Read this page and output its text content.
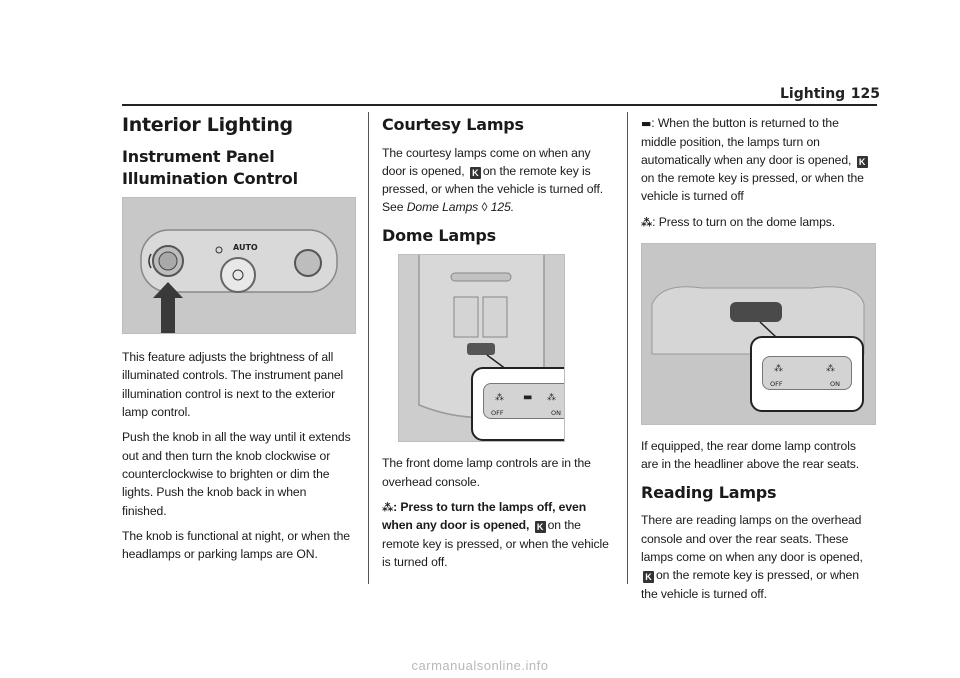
Lighting 125
Interior Lighting
Instrument Panel Illumination Control
AUTO

This feature adjusts the brightness of all illuminated controls. The instrument panel illumination control is next to the exterior lamp control.

Push the knob in all the way until it extends out and then turn the knob clockwise or counterclockwise to brighten or dim the lights. Push the knob back in when finished.

The knob is functional at night, or when the headlamps or parking lamps are ON.

Courtesy Lamps

The courtesy lamps come on when any door is opened, K on the remote key is pressed, or when the vehicle is turned off. See Dome Lamps ◊ 125.

Dome Lamps
⁂ ▬ ⁂
OFF	ON

The front dome lamp controls are in the overhead console.

⁂: Press to turn the lamps off, even when any door is opened, K on the remote key is pressed, or when the vehicle is turned off.

▬: When the button is returned to the middle position, the lamps turn on automatically when any door is opened, Kon the remote key is pressed, or when the vehicle is turned off

⁂: Press to turn on the dome lamps.

⁂	⁂
OFF	ON

If equipped, the rear dome lamp controls are in the headliner above the rear seats.

Reading Lamps

There are reading lamps on the overhead console and over the rear seats. These lamps come on when any door is opened, K on the remote key is pressed, or when the vehicle is turned off.

carmanualsonline.info
